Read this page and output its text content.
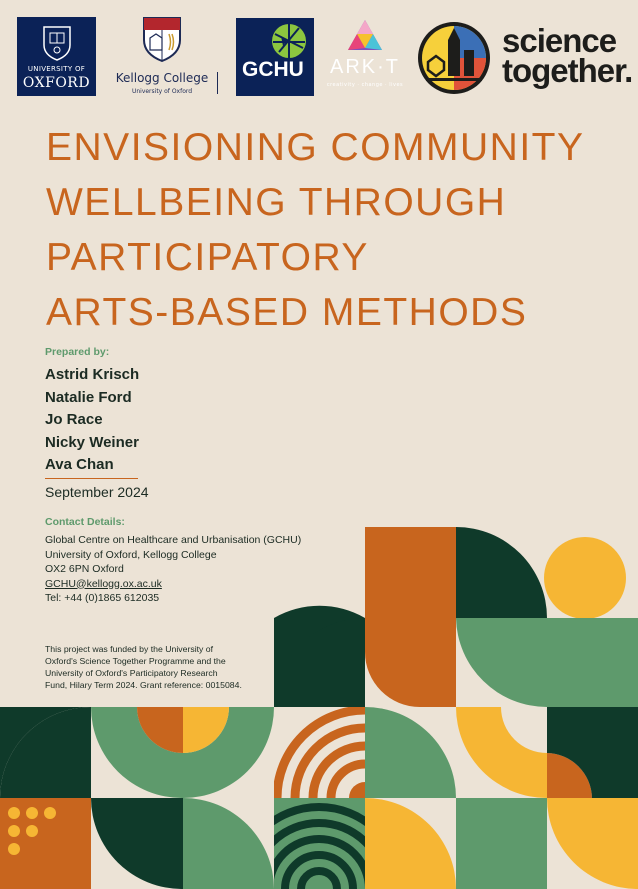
UNIVERSITY OF
OXFORD	Kellogg College
University of Oxford
GCHU	ARK·T
creativity · change · lives
science
together.
ENVISIONING COMMUNITY
WELLBEING THROUGH
PARTICIPATORY
ARTS-BASED METHODS
Prepared by:
Astrid Krisch
Natalie Ford
Jo Race
Nicky Weiner
Ava Chan
September 2024
Contact Details:
Global Centre on Healthcare and Urbanisation (GCHU)
University of Oxford, Kellogg College
OX2 6PN Oxford
GCHU@kellogg.ox.ac.uk
Tel: +44 (0)1865 612035
This project was funded by the University of
Oxford's Science Together Programme and the
University of Oxford's Participatory Research
Fund, Hilary Term 2024. Grant reference: 0015084.
